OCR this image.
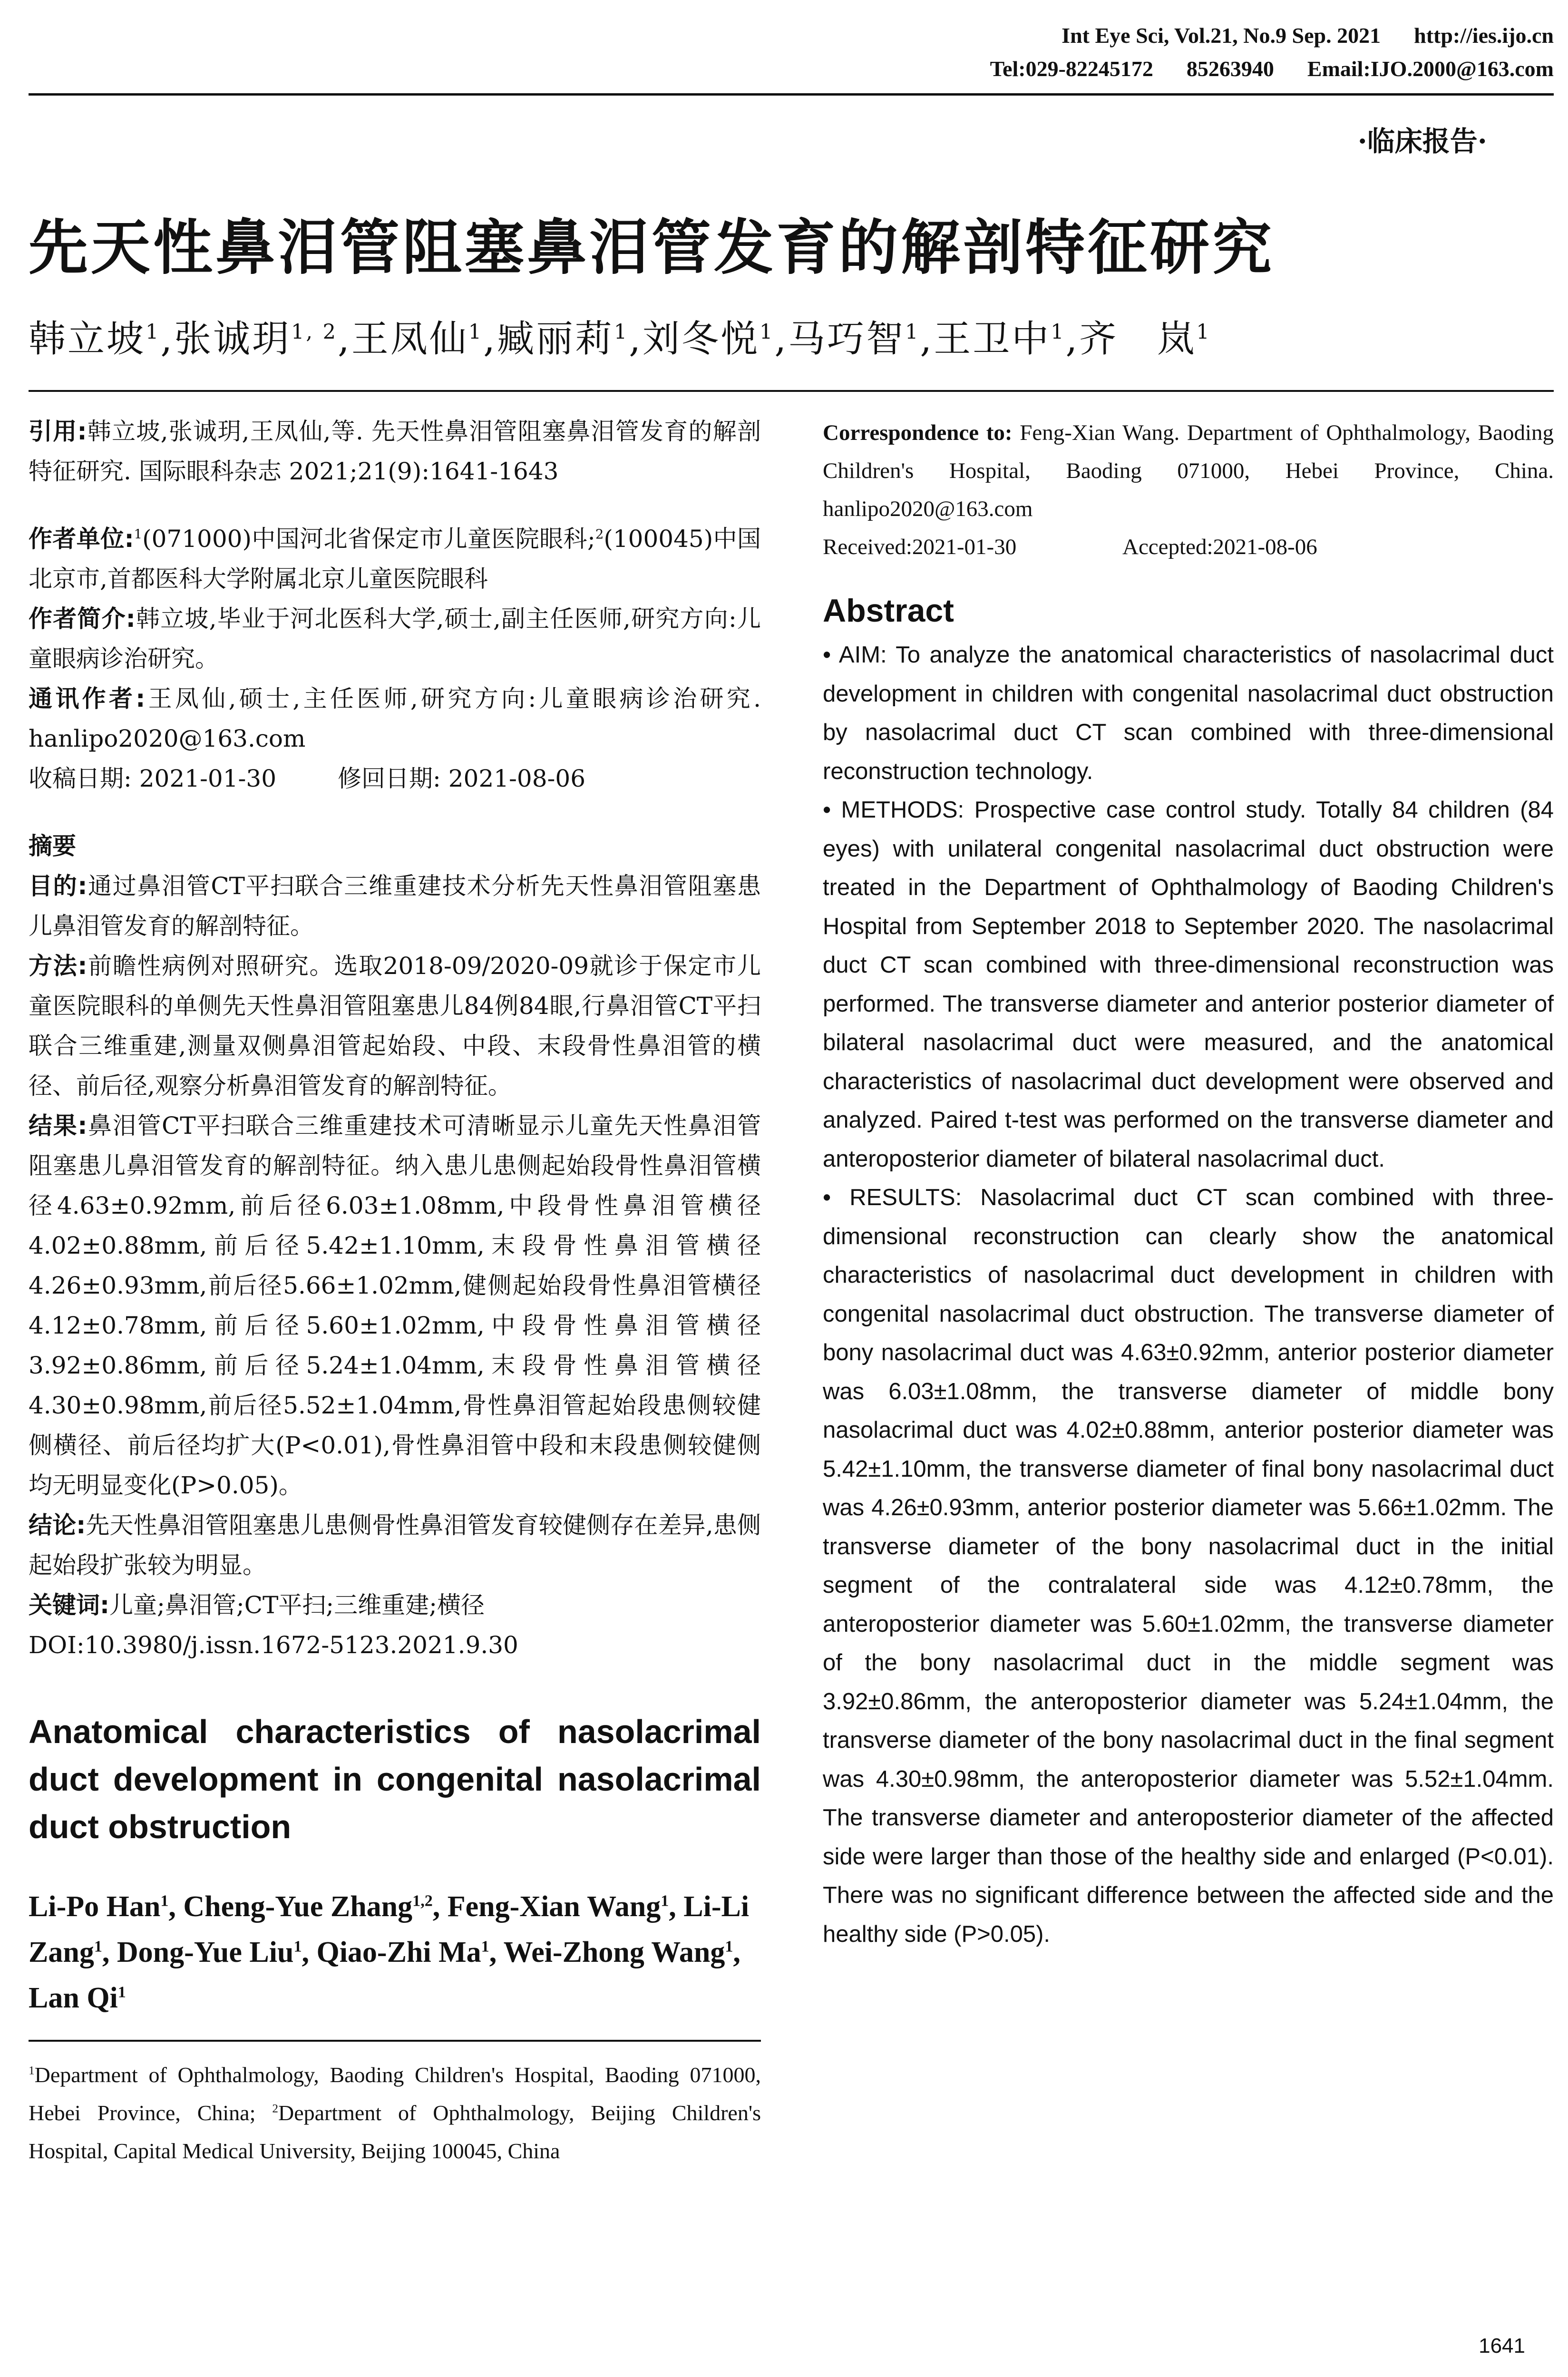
Int Eye Sci, Vol.21, No.9 Sep. 2021 http://ies.ijo.cn
Tel:029-82245172 85263940 Email:IJO.2000@163.com
·临床报告·
先天性鼻泪管阻塞鼻泪管发育的解剖特征研究
韩立坡$^1$,张诚玥$^{1, 2}$,王凤仙$^1$,臧丽莉$^1$,刘冬悦$^1$,马巧智$^1$,王卫中$^1$,齐　岚$^1$

引用:韩立坡,张诚玥,王凤仙,等. 先天性鼻泪管阻塞鼻泪管发育的解剖特征研究. 国际眼科杂志 2021;21(9):1641-1643

作者单位:$^1$(071000)中国河北省保定市儿童医院眼科;$^2$(100045)中国北京市,首都医科大学附属北京儿童医院眼科

作者简介:韩立坡,毕业于河北医科大学,硕士,副主任医师,研究方向:儿童眼病诊治研究。

通讯作者:王凤仙,硕士,主任医师,研究方向:儿童眼病诊治研究. hanlipo2020@163.com

收稿日期: 2021-01-30	修回日期: 2021-08-06

摘要

目的:通过鼻泪管CT平扫联合三维重建技术分析先天性鼻泪管阻塞患儿鼻泪管发育的解剖特征。

方法:前瞻性病例对照研究。选取2018-09/2020-09就诊于保定市儿童医院眼科的单侧先天性鼻泪管阻塞患儿84例84眼,行鼻泪管CT平扫联合三维重建,测量双侧鼻泪管起始段、中段、末段骨性鼻泪管的横径、前后径,观察分析鼻泪管发育的解剖特征。

结果:鼻泪管CT平扫联合三维重建技术可清晰显示儿童先天性鼻泪管阻塞患儿鼻泪管发育的解剖特征。纳入患儿患侧起始段骨性鼻泪管横径4.63±0.92mm,前后径6.03±1.08mm,中段骨性鼻泪管横径4.02±0.88mm,前后径5.42±1.10mm,末段骨性鼻泪管横径4.26±0.93mm,前后径5.66±1.02mm,健侧起始段骨性鼻泪管横径4.12±0.78mm,前后径5.60±1.02mm,中段骨性鼻泪管横径3.92±0.86mm,前后径5.24±1.04mm,末段骨性鼻泪管横径4.30±0.98mm,前后径5.52±1.04mm,骨性鼻泪管起始段患侧较健侧横径、前后径均扩大(P<0.01),骨性鼻泪管中段和末段患侧较健侧均无明显变化(P>0.05)。

结论:先天性鼻泪管阻塞患儿患侧骨性鼻泪管发育较健侧存在差异,患侧起始段扩张较为明显。

关键词:儿童;鼻泪管;CT平扫;三维重建;横径

DOI:10.3980/j.issn.1672-5123.2021.9.30

Anatomical characteristics of nasolacrimal duct development in congenital nasolacrimal duct obstruction

Li-Po Han$^1$, Cheng-Yue Zhang$^{1,2}$, Feng-Xian Wang$^1$, Li-Li Zang$^1$, Dong-Yue Liu$^1$, Qiao-Zhi Ma$^1$, Wei-Zhong Wang$^1$, Lan Qi$^1$

$^1$Department of Ophthalmology, Baoding Children's Hospital, Baoding 071000, Hebei Province, China; $^2$Department of Ophthalmology, Beijing Children's Hospital, Capital Medical University, Beijing 100045, China

Correspondence to: Feng-Xian Wang. Department of Ophthalmology, Baoding Children's Hospital, Baoding 071000, Hebei Province, China. hanlipo2020@163.com

Received:2021-01-30	Accepted:2021-08-06

Abstract

• AIM: To analyze the anatomical characteristics of nasolacrimal duct development in children with congenital nasolacrimal duct obstruction by nasolacrimal duct CT scan combined with three-dimensional reconstruction technology.

• METHODS: Prospective case control study. Totally 84 children (84 eyes) with unilateral congenital nasolacrimal duct obstruction were treated in the Department of Ophthalmology of Baoding Children's Hospital from September 2018 to September 2020. The nasolacrimal duct CT scan combined with three-dimensional reconstruction was performed. The transverse diameter and anterior posterior diameter of bilateral nasolacrimal duct were measured, and the anatomical characteristics of nasolacrimal duct development were observed and analyzed. Paired t-test was performed on the transverse diameter and anteroposterior diameter of bilateral nasolacrimal duct.

• RESULTS: Nasolacrimal duct CT scan combined with three-dimensional reconstruction can clearly show the anatomical characteristics of nasolacrimal duct development in children with congenital nasolacrimal duct obstruction. The transverse diameter of bony nasolacrimal duct was 4.63±0.92mm, anterior posterior diameter was 6.03±1.08mm, the transverse diameter of middle bony nasolacrimal duct was 4.02±0.88mm, anterior posterior diameter was 5.42±1.10mm, the transverse diameter of final bony nasolacrimal duct was 4.26±0.93mm, anterior posterior diameter was 5.66±1.02mm. The transverse diameter of the bony nasolacrimal duct in the initial segment of the contralateral side was 4.12±0.78mm, the anteroposterior diameter was 5.60±1.02mm, the transverse diameter of the bony nasolacrimal duct in the middle segment was 3.92±0.86mm, the anteroposterior diameter was 5.24±1.04mm, the transverse diameter of the bony nasolacrimal duct in the final segment was 4.30±0.98mm, the anteroposterior diameter was 5.52±1.04mm. The transverse diameter and anteroposterior diameter of the affected side were larger than those of the healthy side and enlarged (P<0.01). There was no significant difference between the affected side and the healthy side (P>0.05).

1641
